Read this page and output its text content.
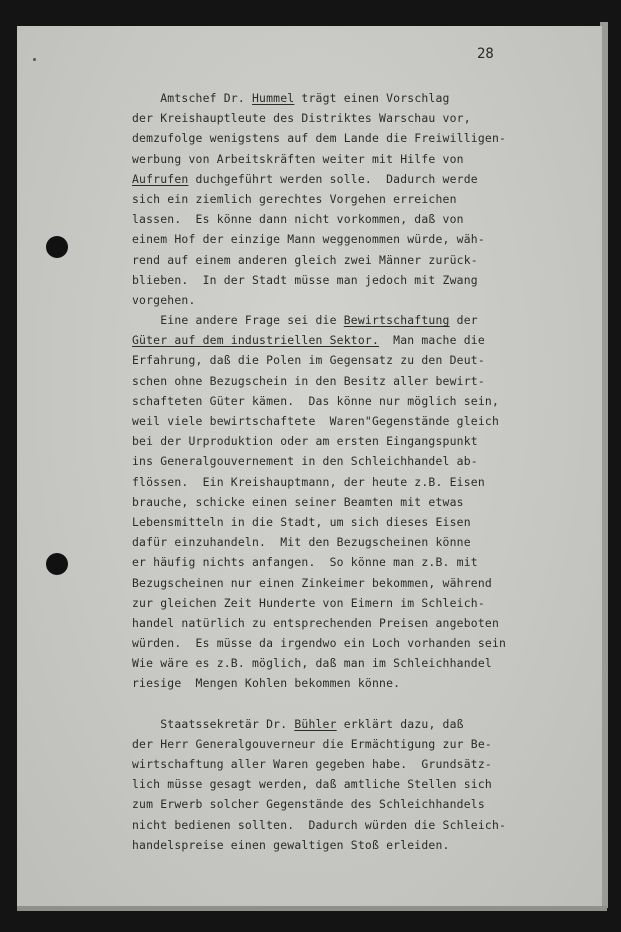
28
Amtschef Dr. Hummel trägt einen Vorschlag
der Kreishauptleute des Distriktes Warschau vor,
demzufolge wenigstens auf dem Lande die Freiwilligen-
werbung von Arbeitskräften weiter mit Hilfe von
Aufrufen duchgeführt werden solle.  Dadurch werde
sich ein ziemlich gerechtes Vorgehen erreichen
lassen.  Es könne dann nicht vorkommen, daß von
einem Hof der einzige Mann weggenommen würde, wäh-
rend auf einem anderen gleich zwei Männer zurück-
blieben.  In der Stadt müsse man jedoch mit Zwang
vorgehen.
Eine andere Frage sei die Bewirtschaftung der
Güter auf dem industriellen Sektor.  Man mache die
Erfahrung, daß die Polen im Gegensatz zu den Deut-
schen ohne Bezugschein in den Besitz aller bewirt-
schafteten Güter kämen.  Das könne nur möglich sein,
weil viele bewirtschaftete  Waren"Gegenstände gleich
bei der Urproduktion oder am ersten Eingangspunkt
ins Generalgouvernement in den Schleichhandel ab-
flössen.  Ein Kreishauptmann, der heute z.B. Eisen
brauche, schicke einen seiner Beamten mit etwas
Lebensmitteln in die Stadt, um sich dieses Eisen
dafür einzuhandeln.  Mit den Bezugscheinen könne
er häufig nichts anfangen.  So könne man z.B. mit
Bezugscheinen nur einen Zinkeimer bekommen, während
zur gleichen Zeit Hunderte von Eimern im Schleich-
handel natürlich zu entsprechenden Preisen angeboten
würden.  Es müsse da irgendwo ein Loch vorhanden sein
Wie wäre es z.B. möglich, daß man im Schleichhandel
riesige  Mengen Kohlen bekommen könne.
Staatssekretär Dr. Bühler erklärt dazu, daß
der Herr Generalgouverneur die Ermächtigung zur Be-
wirtschaftung aller Waren gegeben habe.  Grundsätz-
lich müsse gesagt werden, daß amtliche Stellen sich
zum Erwerb solcher Gegenstände des Schleichhandels
nicht bedienen sollten.  Dadurch würden die Schleich-
handelspreise einen gewaltigen Stoß erleiden.
